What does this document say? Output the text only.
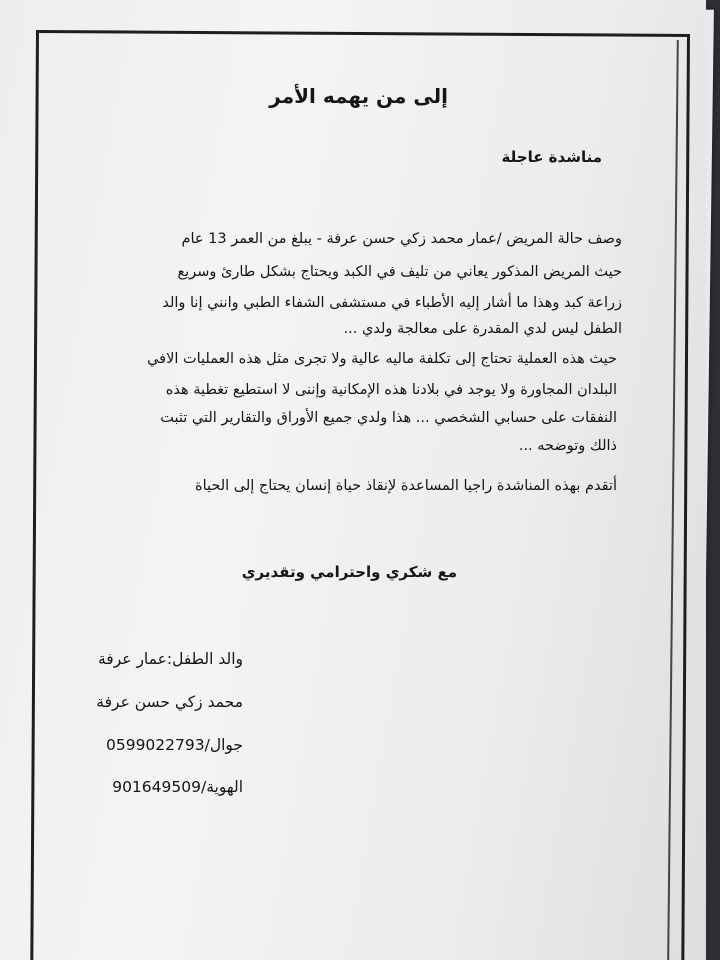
إلى من يهمه الأمر
مناشدة عاجلة
وصف حالة المريض /عمار محمد زكي حسن عرفة - يبلغ من العمر 13 عام
حيث المريض المذكور يعاني من تليف في الكبد ويحتاج بشكل طارئ وسريع
زراعة كبد وهذا ما أشار إليه الأطباء في مستشفى الشفاء الطبي وانني إنا والد
الطفل ليس لدي المقدرة على معالجة ولدي ...
حيث هذه العملية تحتاج إلى تكلفة ماليه عالية ولا تجرى مثل هذه العمليات الافي
البلدان المجاورة ولا يوجد في بلادنا هذه الإمكانية وإننى لا استطيع تغطية هذه
النفقات على حسابي الشخصي ... هذا ولدي جميع الأوراق والتقارير التي تثبت
ذالك وتوضحه ...
أتقدم بهذه المناشدة راجيا المساعدة لإنقاذ حياة إنسان يحتاج إلى الحياة
مع شكري واحترامي وتقديري
والد الطفل:عمار عرفة
محمد زكي حسن عرفة
جوال/0599022793
الهوية/901649509
